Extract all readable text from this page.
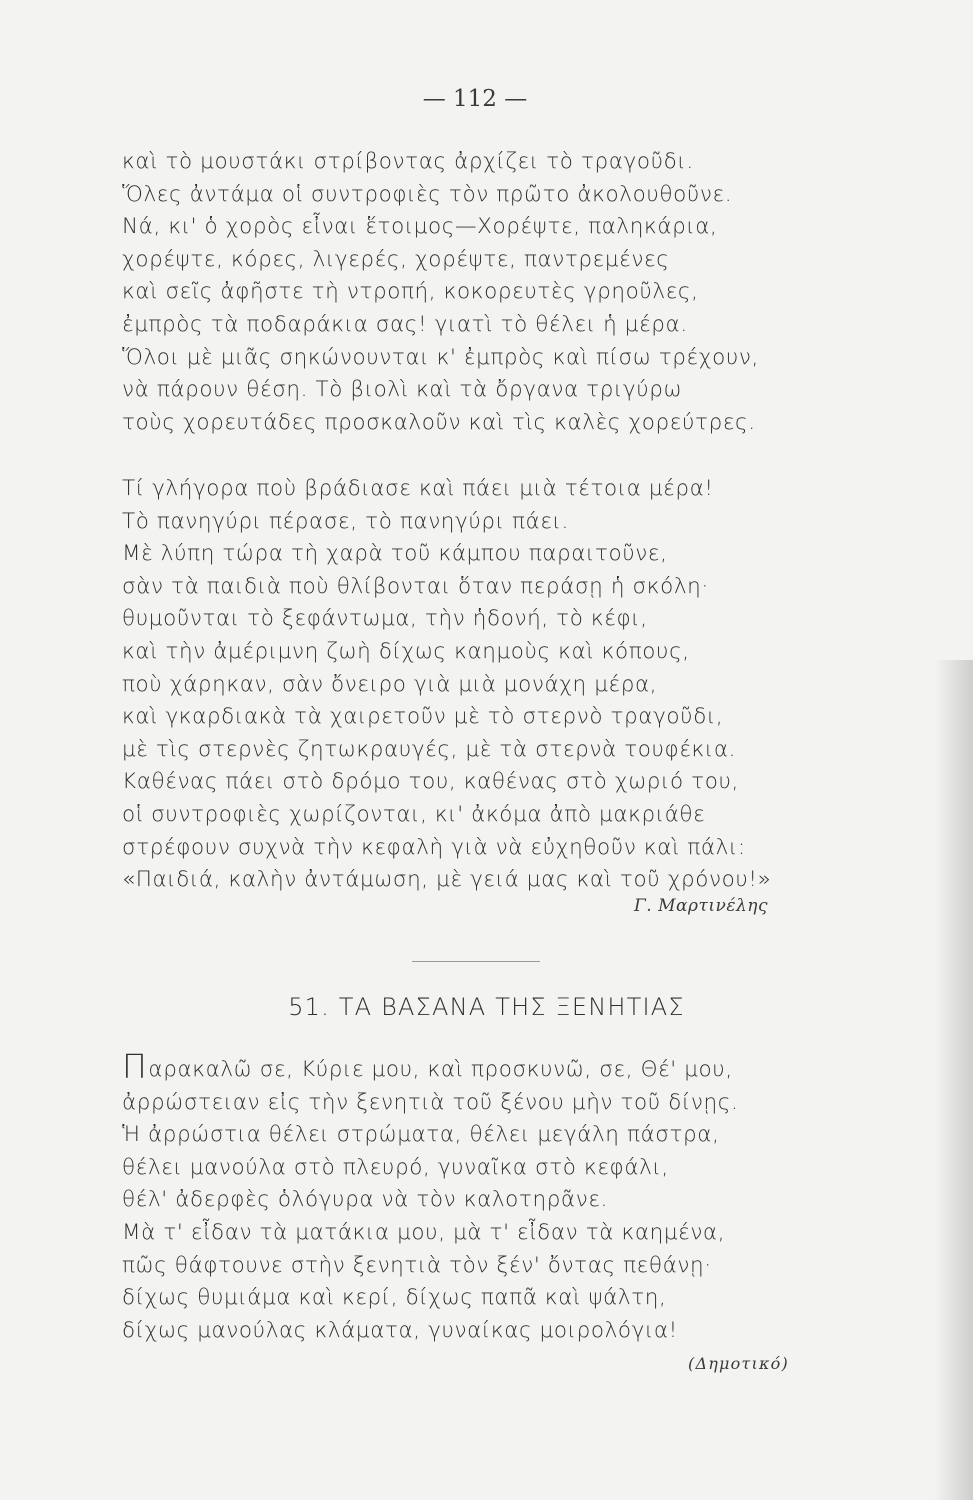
— 112 —
καὶ τὸ μουστάκι στρίβοντας ἀρχίζει τὸ τραγοῦδι.
Ὅλες ἀντάμα οἱ συντροφιὲς τὸν πρῶτο ἀκολουθοῦνε.
Νά, κι' ὁ χορὸς εἶναι ἕτοιμος—Χορέψτε, παληκάρια,
χορέψτε, κόρες, λιγερές, χορέψτε, παντρεμένες
καὶ σεῖς ἀφῆστε τὴ ντροπή, κοκορευτὲς γρηοῦλες,
ἐμπρὸς τὰ ποδαράκια σας! γιατὶ τὸ θέλει ἡ μέρα.
Ὅλοι μὲ μιᾶς σηκώνουνται κ' ἐμπρὸς καὶ πίσω τρέχουν,
νὰ πάρουν θέση. Τὸ βιολὶ καὶ τὰ ὄργανα τριγύρω
τοὺς χορευτάδες προσκαλοῦν καὶ τὶς καλὲς χορεύτρες.
Τί γλήγορα ποὺ βράδιασε καὶ πάει μιὰ τέτοια μέρα!
Τὸ πανηγύρι πέρασε, τὸ πανηγύρι πάει.
Μὲ λύπη τώρα τὴ χαρὰ τοῦ κάμπου παραιτοῦνε,
σὰν τὰ παιδιὰ ποὺ θλίβονται ὅταν περάσῃ ἡ σκόλη·
θυμοῦνται τὸ ξεφάντωμα, τὴν ἡδονή, τὸ κέφι,
καὶ τὴν ἀμέριμνη ζωὴ δίχως καημοὺς καὶ κόπους,
ποὺ χάρηκαν, σὰν ὄνειρο γιὰ μιὰ μονάχη μέρα,
καὶ γκαρδιακὰ τὰ χαιρετοῦν μὲ τὸ στερνὸ τραγοῦδι,
μὲ τὶς στερνὲς ζητωκραυγές, μὲ τὰ στερνὰ τουφέκια.
Καθένας πάει στὸ δρόμο του, καθένας στὸ χωριό του,
οἱ συντροφιὲς χωρίζονται, κι' ἀκόμα ἀπὸ μακριάθε
στρέφουν συχνὰ τὴν κεφαλὴ γιὰ νὰ εὐχηθοῦν καὶ πάλι:
«Παιδιά, καλὴν ἀντάμωση, μὲ γειά μας καὶ τοῦ χρόνου!»
Γ. Μαρτινέλης
51. ΤΑ ΒΑΣΑΝΑ ΤΗΣ ΞΕΝΗΤΙΑΣ
Παρακαλῶ σε, Κύριε μου, καὶ προσκυνῶ, σε, Θέ' μου,
ἀρρώστειαν εἰς τὴν ξενητιὰ τοῦ ξένου μὴν τοῦ δίνῃς.
Ἡ ἀρρώστια θέλει στρώματα, θέλει μεγάλη πάστρα,
θέλει μανούλα στὸ πλευρό, γυναῖκα στὸ κεφάλι,
θέλ' ἀδερφὲς ὁλόγυρα νὰ τὸν καλοτηρᾶνε.
Μὰ τ' εἶδαν τὰ ματάκια μου, μὰ τ' εἶδαν τὰ καημένα,
πῶς θάφτουνε στὴν ξενητιὰ τὸν ξέν' ὄντας πεθάνῃ·
δίχως θυμιάμα καὶ κερί, δίχως παπᾶ καὶ ψάλτη,
δίχως μανούλας κλάματα, γυναίκας μοιρολόγια!
(Δημοτικό)
